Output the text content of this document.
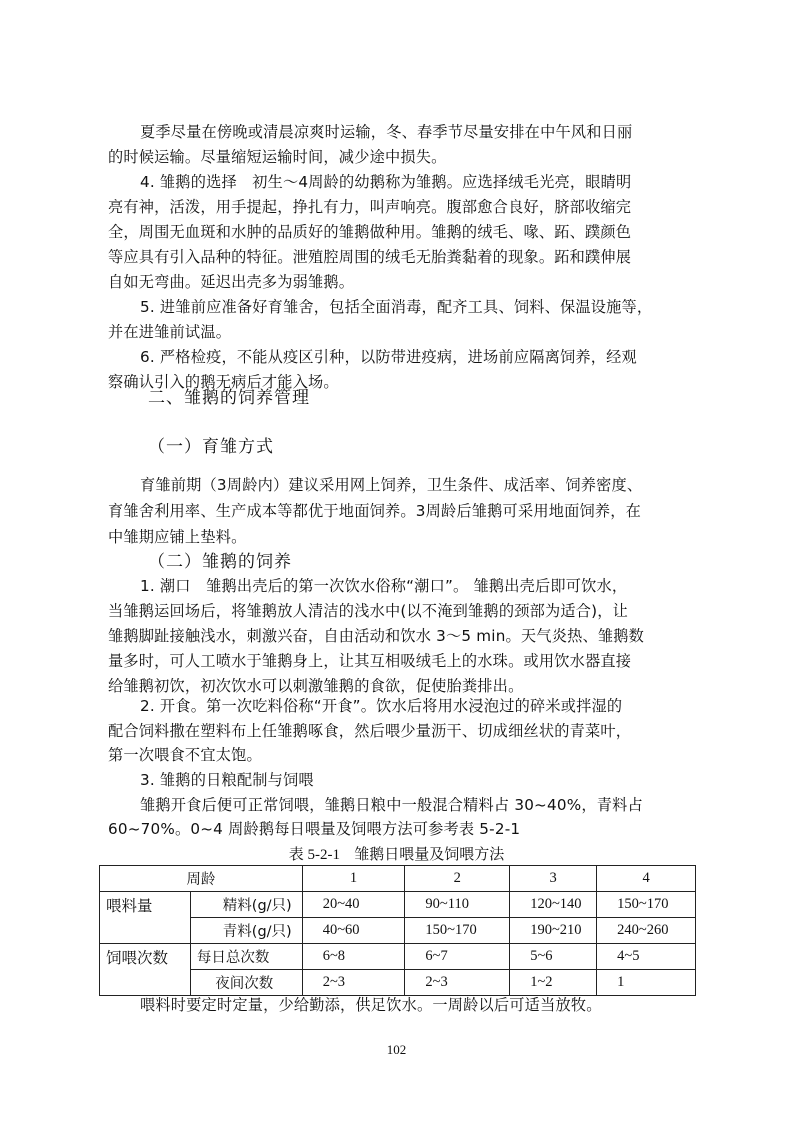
夏季尽量在傍晚或清晨凉爽时运输，冬、春季节尽量安排在中午风和日丽
的时候运输。尽量缩短运输时间，减少途中损失。
4. 雏鹅的选择　初生～4周龄的幼鹅称为雏鹅。应选择绒毛光亮，眼睛明
亮有神，活泼，用手提起，挣扎有力，叫声响亮。腹部愈合良好，脐部收缩完
全，周围无血斑和水肿的品质好的雏鹅做种用。雏鹅的绒毛、喙、跖、蹼颜色
等应具有引入品种的特征。泄殖腔周围的绒毛无胎粪黏着的现象。跖和蹼伸展
自如无弯曲。延迟出壳多为弱雏鹅。
5. 进雏前应准备好育雏舍，包括全面消毒，配齐工具、饲料、保温设施等，
并在进雏前试温。
6. 严格检疫，不能从疫区引种，以防带进疫病，进场前应隔离饲养，经观
察确认引入的鹅无病后才能入场。
二、雏鹅的饲养管理
（一）育雏方式
育雏前期（3周龄内）建议采用网上饲养，卫生条件、成活率、饲养密度、
育雏舍利用率、生产成本等都优于地面饲养。3周龄后雏鹅可采用地面饲养，在
中雏期应铺上垫料。
（二）雏鹅的饲养
1. 潮口　雏鹅出壳后的第一次饮水俗称“潮口”。 雏鹅出壳后即可饮水，
当雏鹅运回场后，将雏鹅放人清洁的浅水中(以不淹到雏鹅的颈部为适合)，让
雏鹅脚趾接触浅水，刺激兴奋，自由活动和饮水 3～5 min。天气炎热、雏鹅数
量多时，可人工喷水于雏鹅身上，让其互相吸绒毛上的水珠。或用饮水器直接
给雏鹅初饮，初次饮水可以刺激雏鹅的食欲，促使胎粪排出。
2. 开食。第一次吃料俗称“开食”。饮水后将用水浸泡过的碎米或拌湿的
配合饲料撒在塑料布上任雏鹅啄食，然后喂少量沥干、切成细丝状的青菜叶，
第一次喂食不宜太饱。
3. 雏鹅的日粮配制与饲喂
雏鹅开食后便可正常饲喂，雏鹅日粮中一般混合精料占 30~40%，青料占
60~70%。0~4 周龄鹅每日喂量及饲喂方法可参考表 5-2-1
表 5-2-1 雏鹅日喂量及饲喂方法
周龄		1	2	3	4
喂料量	精料(g/只)	20~40	90~110	120~140	150~170
	青料(g/只)	40~60	150~170	190~210	240~260
饲喂次数	每日总次数	6~8	6~7	5~6	4~5
	夜间次数	2~3	2~3	1~2	1
喂料时要定时定量，少给勤添，供足饮水。一周龄以后可适当放牧。
102
